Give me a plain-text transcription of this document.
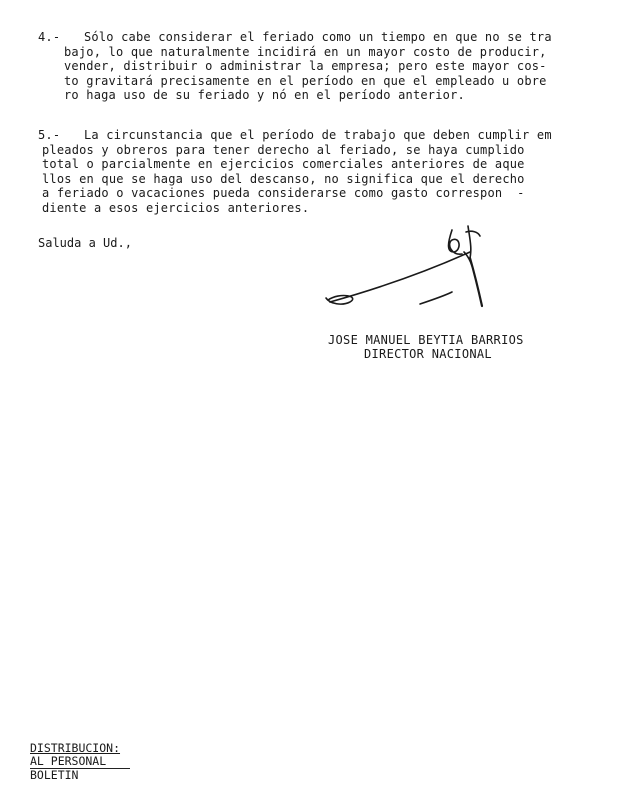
4.-	Sólo cabe considerar el feriado como un tiempo en que no se tra
bajo, lo que naturalmente incidirá en un mayor costo de producir,
vender, distribuir o administrar la empresa; pero este mayor cos-
to gravitará precisamente en el período en que el empleado u obre
ro haga uso de su feriado y nó en el período anterior.
5.-	La circunstancia que el período de trabajo que deben cumplir em
pleados y obreros para tener derecho al feriado, se haya cumplido
total o parcialmente en ejercicios comerciales anteriores de aque
llos en que se haga uso del descanso, no significa que el derecho
a feriado o vacaciones pueda considerarse como gasto correspon  -
diente a esos ejercicios anteriores.
Saluda a Ud.,
JOSE MANUEL BEYTIA BARRIOS
DIRECTOR NACIONAL
DISTRIBUCION:
AL PERSONAL
BOLETIN
